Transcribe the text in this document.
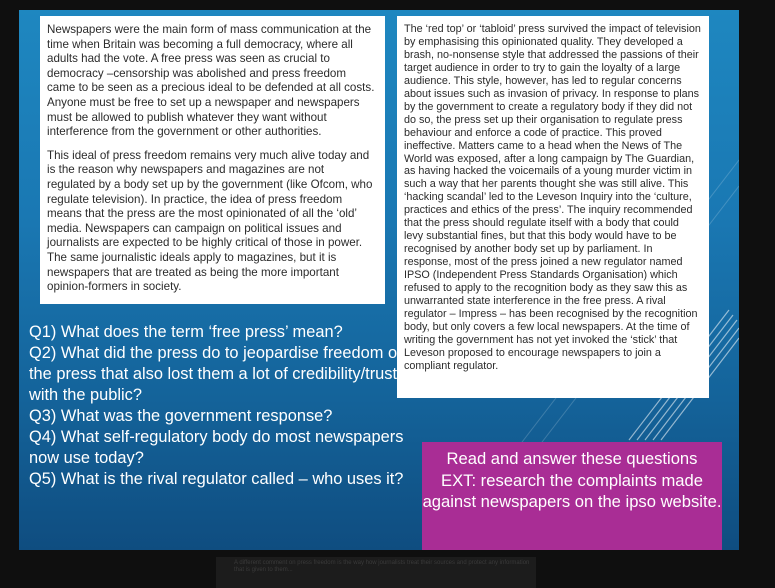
Newspapers were the main form of mass communication at the time when Britain was becoming a full democracy, where all adults had the vote. A free press was seen as crucial to democracy –censorship was abolished and press freedom came to be seen as a precious ideal to be defended at all costs. Anyone must be free to set up a newspaper and newspapers must be allowed to publish whatever they want without interference from the government or other authorities.

This ideal of press freedom remains very much alive today and is the reason why newspapers and magazines are not regulated by a body set up by the government (like Ofcom, who regulate television). In practice, the idea of press freedom means that the press are the most opinionated of all the ‘old’ media. Newspapers can campaign on political issues and journalists are expected to be highly critical of those in power. The same journalistic ideals apply to magazines, but it is newspapers that are treated as being the more important opinion-formers in society.

The ‘red top’ or ‘tabloid’ press survived the impact of television by emphasising this opinionated quality. They developed a brash, no-nonsense style that addressed the passions of their target audience in order to try to gain the loyalty of a large audience. This style, however, has led to regular concerns about issues such as invasion of privacy. In response to plans by the government to create a regulatory body if they did not do so, the press set up their organisation to regulate press behaviour and enforce a code of practice. This proved ineffective. Matters came to a head when the News of The World was exposed, after a long campaign by The Guardian, as having hacked the voicemails of a young murder victim in such a way that her parents thought she was still alive. This ‘hacking scandal’ led to the Leveson Inquiry into the ‘culture, practices and ethics of the press’. The inquiry recommended that the press should regulate itself with a body that could levy substantial fines, but that this body would have to be recognised by another body set up by parliament. In response, most of the press joined a new regulator named IPSO (Independent Press Standards Organisation) which refused to apply to the recognition body as they saw this as unwarranted state interference in the free press. A rival regulator – Impress – has been recognised by the recognition body, but only covers a few local newspapers. At the time of writing the government has not yet invoked the ‘stick’ that Leveson proposed to encourage newspapers to join a compliant regulator.

Q1) What does the term ‘free press’ mean?
Q2) What did the press do to jeopardise freedom of the press that also lost them a lot of credibility/trust with the public?
Q3) What was the government response?
Q4) What self-regulatory body do most newspapers now use today?
Q5) What is the rival regulator called – who uses it?
Read and answer these questions
EXT: research the complaints made against newspapers on the ipso website.
A different comment on press freedom is the way how journalists treat their sources and protect any information that is given to them...
